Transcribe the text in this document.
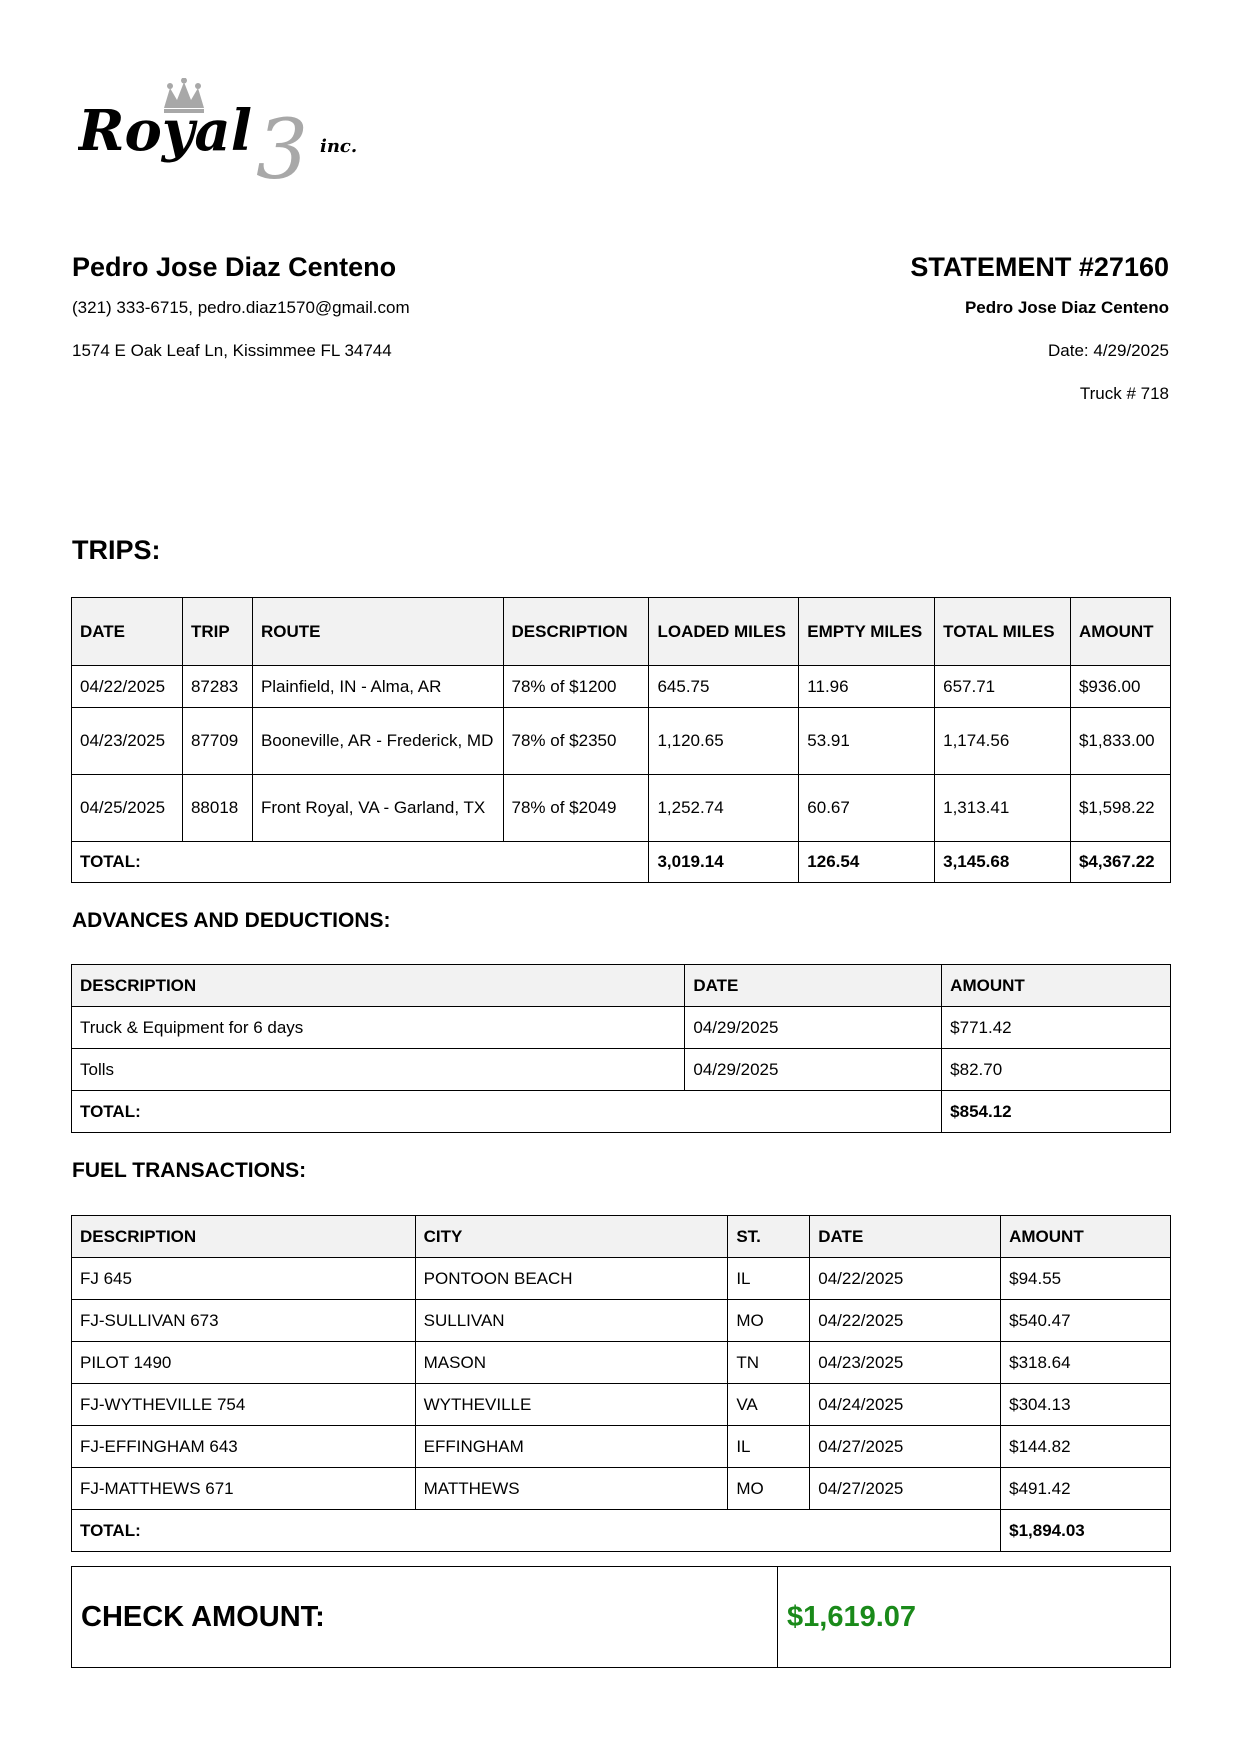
3
Royal	inc.
Pedro Jose Diaz Centeno
(321) 333-6715, pedro.diaz1570@gmail.com
1574 E Oak Leaf Ln, Kissimmee FL 34744
STATEMENT #27160
Pedro Jose Diaz Centeno
Date: 4/29/2025
Truck # 718
TRIPS:
DATE	TRIP	ROUTE	DESCRIPTION	LOADED MILES	EMPTY MILES	TOTAL MILES	AMOUNT
04/22/2025	87283	Plainfield, IN - Alma, AR	78% of $1200	645.75	11.96	657.71	$936.00
04/23/2025	87709	Booneville, AR - Frederick, MD	78% of $2350	1,120.65	53.91	1,174.56	$1,833.00
04/25/2025	88018	Front Royal, VA - Garland, TX	78% of $2049	1,252.74	60.67	1,313.41	$1,598.22
TOTAL:				3,019.14	126.54	3,145.68	$4,367.22
ADVANCES AND DEDUCTIONS:
DESCRIPTION	DATE	AMOUNT
Truck & Equipment for 6 days	04/29/2025	$771.42
Tolls	04/29/2025	$82.70
TOTAL:		$854.12
FUEL TRANSACTIONS:
DESCRIPTION	CITY	ST.	DATE	AMOUNT
FJ 645	PONTOON BEACH	IL	04/22/2025	$94.55
FJ-SULLIVAN 673	SULLIVAN	MO	04/22/2025	$540.47
PILOT 1490	MASON	TN	04/23/2025	$318.64
FJ-WYTHEVILLE 754	WYTHEVILLE	VA	04/24/2025	$304.13
FJ-EFFINGHAM 643	EFFINGHAM	IL	04/27/2025	$144.82
FJ-MATTHEWS 671	MATTHEWS	MO	04/27/2025	$491.42
TOTAL:				$1,894.03
CHECK AMOUNT:	$1,619.07
